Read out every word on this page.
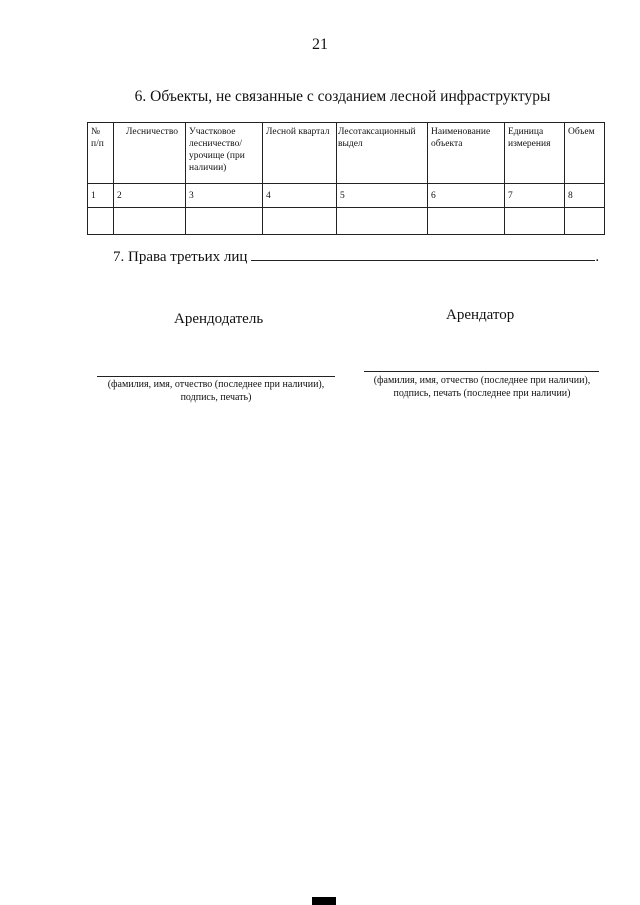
21
6. Объекты, не связанные с созданием лесной инфраструктуры
№ п/п	Лесничество	Участковое лесничество/ урочище (при наличии)	Лесной квартал	Лесотаксационный выдел	Наименование объекта	Единица измерения	Объем
1	2	3	4	5	6	7	8

7. Права третьих лиц	.
Арендодатель	Арендатор
(фамилия, имя, отчество (последнее при наличии), подпись, печать)
(фамилия, имя, отчество (последнее при наличии), подпись, печать (последнее при наличии)
